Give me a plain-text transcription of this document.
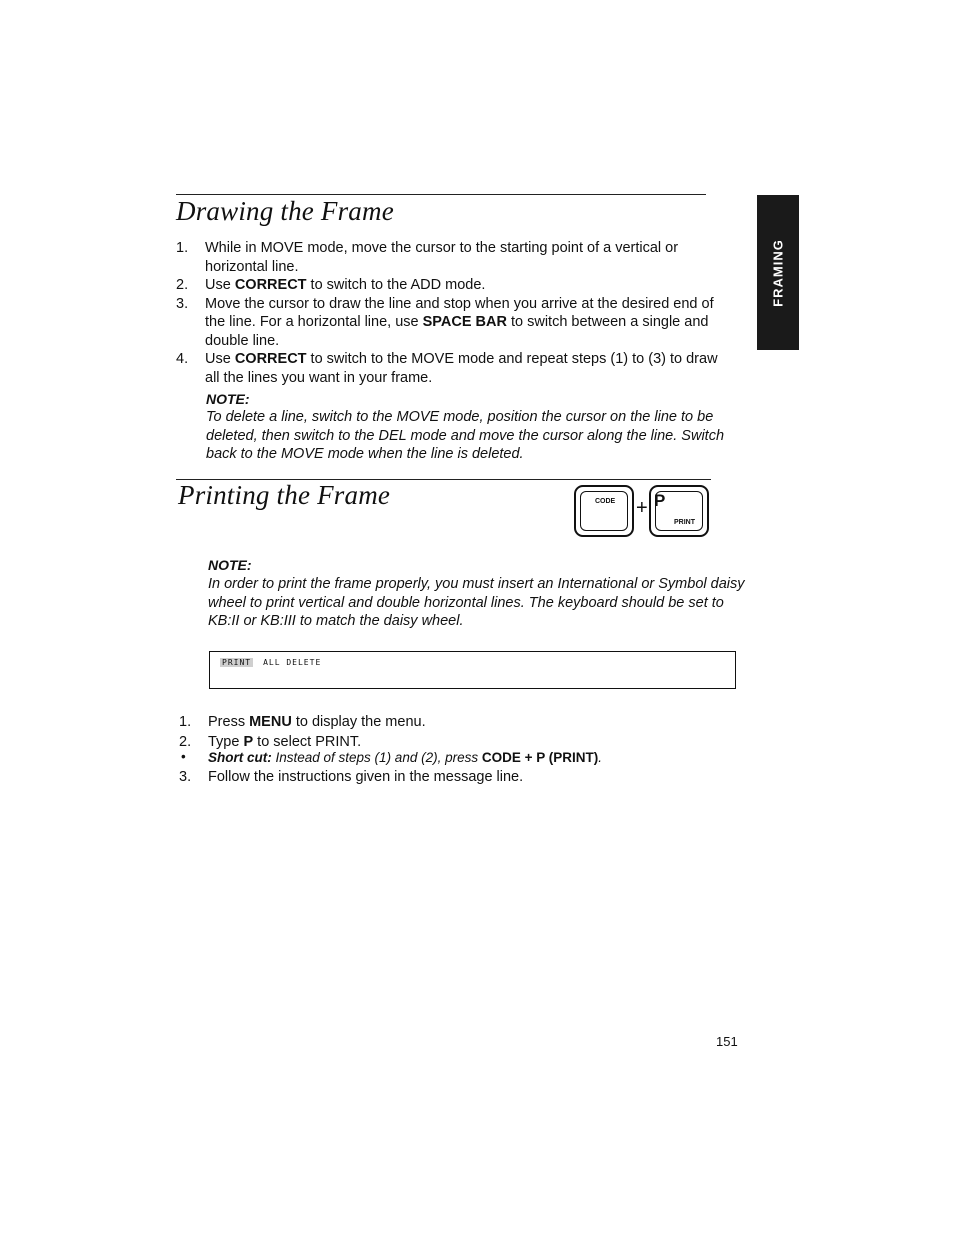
Drawing the Frame
FRAMING
1. While in MOVE mode, move the cursor to the starting point of a vertical or horizontal line.
2. Use CORRECT to switch to the ADD mode.
3. Move the cursor to draw the line and stop when you arrive at the desired end of the line. For a horizontal line, use SPACE BAR to switch between a single and double line.
4. Use CORRECT to switch to the MOVE mode and repeat steps (1) to (3) to draw all the lines you want in your frame.
NOTE:
To delete a line, switch to the MOVE mode, position the cursor on the line to be deleted, then switch to the DEL mode and move the cursor along the line. Switch back to the MOVE mode when the line is deleted.
Printing the Frame	CODE + P
PRINT
NOTE:
In order to print the frame properly, you must insert an International or Symbol daisy wheel to print vertical and double horizontal lines. The keyboard should be set to KB:II or KB:III to match the daisy wheel.
PRINT ALL DELETE
1. Press MENU to display the menu.
2. Type P to select PRINT.
• Short cut: Instead of steps (1) and (2), press CODE + P (PRINT).
3. Follow the instructions given in the message line.
151
